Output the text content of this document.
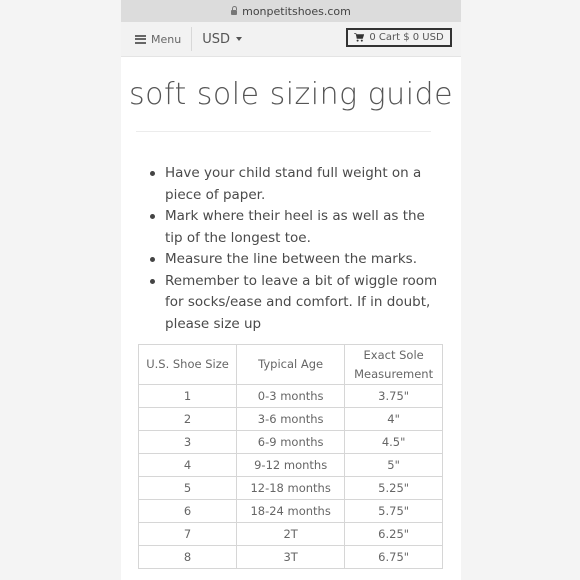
monpetitshoes.com
Menu USD	0 Cart $ 0 USD
soft sole sizing guide
Have your child stand full weight on a piece of paper.
Mark where their heel is as well as the tip of the longest toe.
Measure the line between the marks.
Remember to leave a bit of wiggle room for socks/ease and comfort. If in doubt, please size up
U.S. Shoe Size	Typical Age	Exact Sole Measurement
1	0-3 months	3.75"
2	3-6 months	4"
3	6-9 months	4.5"
4	9-12 months	5"
5	12-18 months	5.25"
6	18-24 months	5.75"
7	2T	6.25"
8	3T	6.75"
